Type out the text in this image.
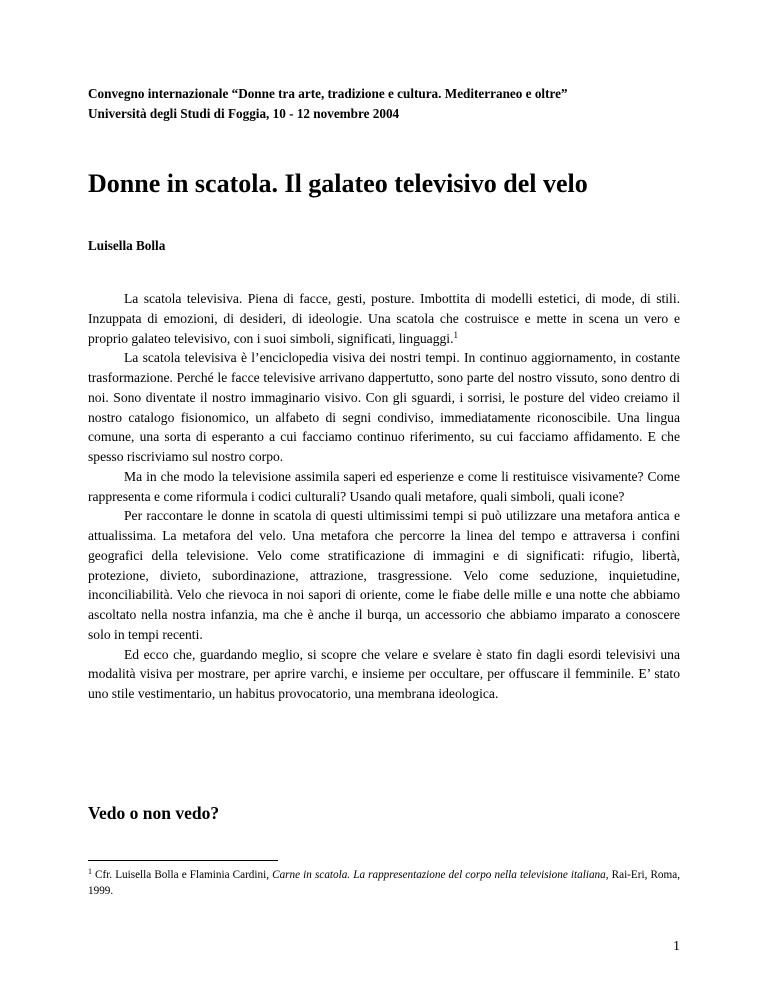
Convegno internazionale “Donne tra arte, tradizione e cultura. Mediterraneo e oltre”
Università degli Studi di Foggia, 10 - 12 novembre 2004
Donne in scatola. Il galateo televisivo del velo
Luisella Bolla

La scatola televisiva. Piena di facce, gesti, posture. Imbottita di modelli estetici, di mode, di stili. Inzuppata di emozioni, di desideri, di ideologie. Una scatola che costruisce e mette in scena un vero e proprio galateo televisivo, con i suoi simboli, significati, linguaggi.$^1$

La scatola televisiva è l’enciclopedia visiva dei nostri tempi. In continuo aggiornamento, in costante trasformazione. Perché le facce televisive arrivano dappertutto, sono parte del nostro vissuto, sono dentro di noi. Sono diventate il nostro immaginario visivo. Con gli sguardi, i sorrisi, le posture del video creiamo il nostro catalogo fisionomico, un alfabeto di segni condiviso, immediatamente riconoscibile. Una lingua comune, una sorta di esperanto a cui facciamo continuo riferimento, su cui facciamo affidamento. E che spesso riscriviamo sul nostro corpo.

Ma in che modo la televisione assimila saperi ed esperienze e come li restituisce visivamente? Come rappresenta e come riformula i codici culturali? Usando quali metafore, quali simboli, quali icone?

Per raccontare le donne in scatola di questi ultimissimi tempi si può utilizzare una metafora antica e attualissima. La metafora del velo. Una metafora che percorre la linea del tempo e attraversa i confini geografici della televisione. Velo come stratificazione di immagini e di significati: rifugio, libertà, protezione, divieto, subordinazione, attrazione, trasgressione. Velo come seduzione, inquietudine, inconciliabilità. Velo che rievoca in noi sapori di oriente, come le fiabe delle mille e una notte che abbiamo ascoltato nella nostra infanzia, ma che è anche il burqa, un accessorio che abbiamo imparato a conoscere solo in tempi recenti.

Ed ecco che, guardando meglio, si scopre che velare e svelare è stato fin dagli esordi televisivi una modalità visiva per mostrare, per aprire varchi, e insieme per occultare, per offuscare il femminile. E’ stato uno stile vestimentario, un habitus provocatorio, una membrana ideologica.

Vedo o non vedo?
$^1$ Cfr. Luisella Bolla e Flaminia Cardini, Carne in scatola. La rappresentazione del corpo nella televisione italiana, Rai-Eri, Roma, 1999.
1
